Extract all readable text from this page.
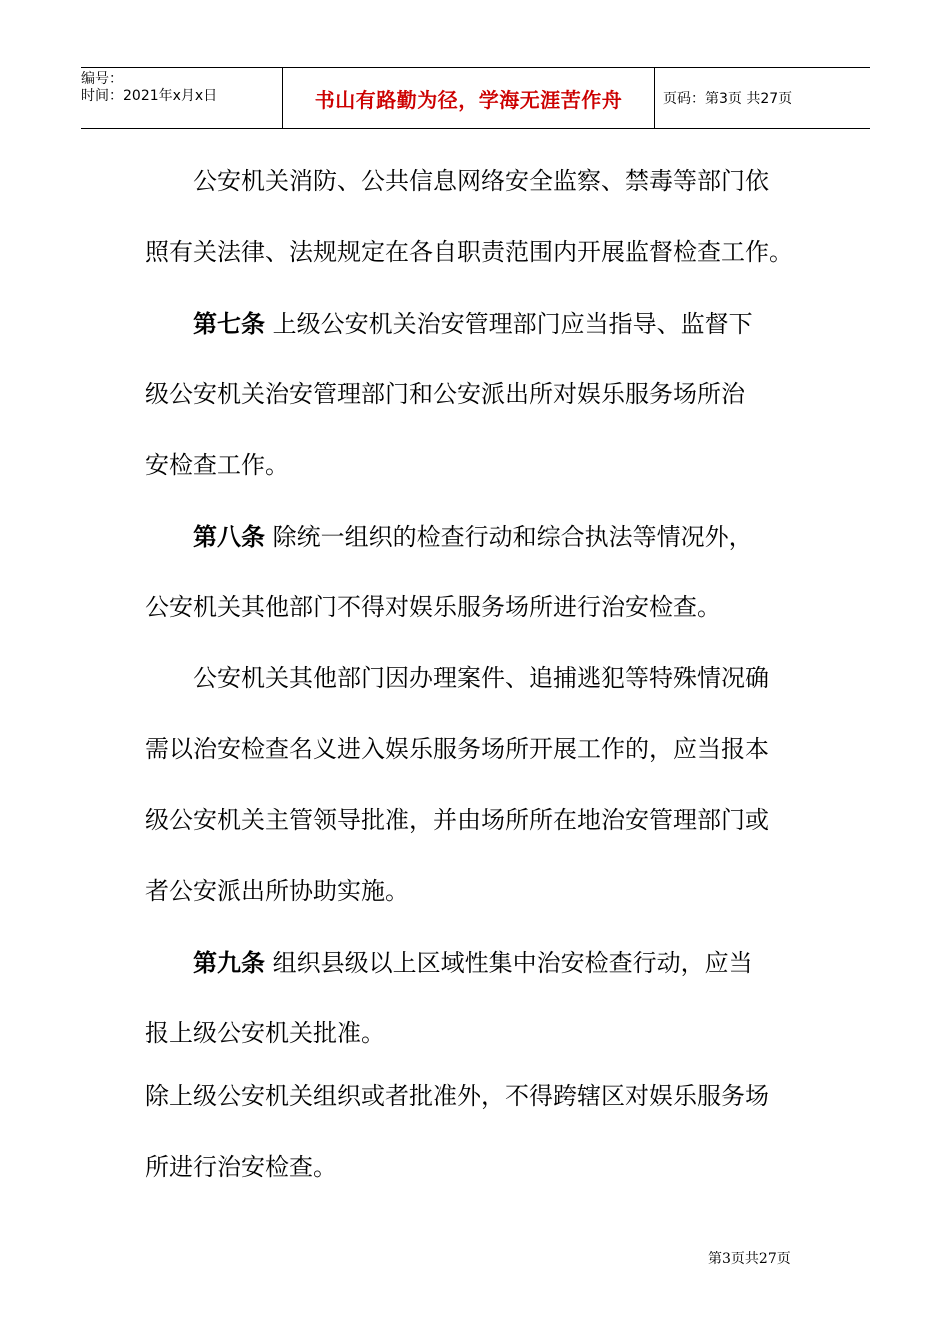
编号：
时间：2021年x月x日	书山有路勤为径，学海无涯苦作舟	页码：第3页 共27页
公安机关消防、公共信息网络安全监察、禁毒等部门依
照有关法律、法规规定在各自职责范围内开展监督检查工作。
第七条 上级公安机关治安管理部门应当指导、监督下
级公安机关治安管理部门和公安派出所对娱乐服务场所治
安检查工作。
第八条 除统一组织的检查行动和综合执法等情况外，
公安机关其他部门不得对娱乐服务场所进行治安检查。
公安机关其他部门因办理案件、追捕逃犯等特殊情况确
需以治安检查名义进入娱乐服务场所开展工作的，应当报本
级公安机关主管领导批准，并由场所所在地治安管理部门或
者公安派出所协助实施。
第九条 组织县级以上区域性集中治安检查行动，应当
报上级公安机关批准。
除上级公安机关组织或者批准外，不得跨辖区对娱乐服务场
所进行治安检查。
第3页共27页
